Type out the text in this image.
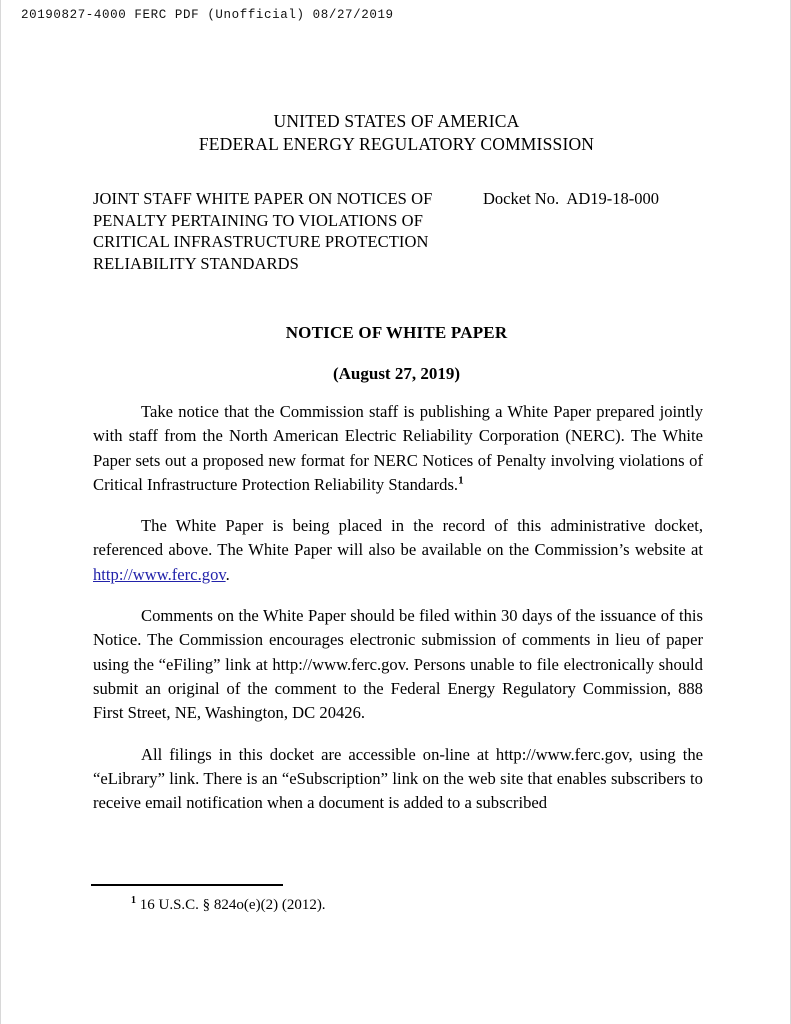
20190827-4000 FERC PDF (Unofficial) 08/27/2019
UNITED STATES OF AMERICA
FEDERAL ENERGY REGULATORY COMMISSION
JOINT STAFF WHITE PAPER ON NOTICES OF
PENALTY PERTAINING TO VIOLATIONS OF
CRITICAL INFRASTRUCTURE PROTECTION
RELIABILITY STANDARDS
Docket No.  AD19-18-000
NOTICE OF WHITE PAPER
(August 27, 2019)

Take notice that the Commission staff is publishing a White Paper prepared jointly with staff from the North American Electric Reliability Corporation (NERC). The White Paper sets out a proposed new format for NERC Notices of Penalty involving violations of Critical Infrastructure Protection Reliability Standards.$^1$

The White Paper is being placed in the record of this administrative docket, referenced above. The White Paper will also be available on the Commission’s website at http://www.ferc.gov.

Comments on the White Paper should be filed within 30 days of the issuance of this Notice. The Commission encourages electronic submission of comments in lieu of paper using the “eFiling” link at http://www.ferc.gov. Persons unable to file electronically should submit an original of the comment to the Federal Energy Regulatory Commission, 888 First Street, NE, Washington, DC 20426.

All filings in this docket are accessible on-line at http://www.ferc.gov, using the “eLibrary” link. There is an “eSubscription” link on the web site that enables subscribers to receive email notification when a document is added to a subscribed

$^1$ 16 U.S.C. § 824o(e)(2) (2012).
